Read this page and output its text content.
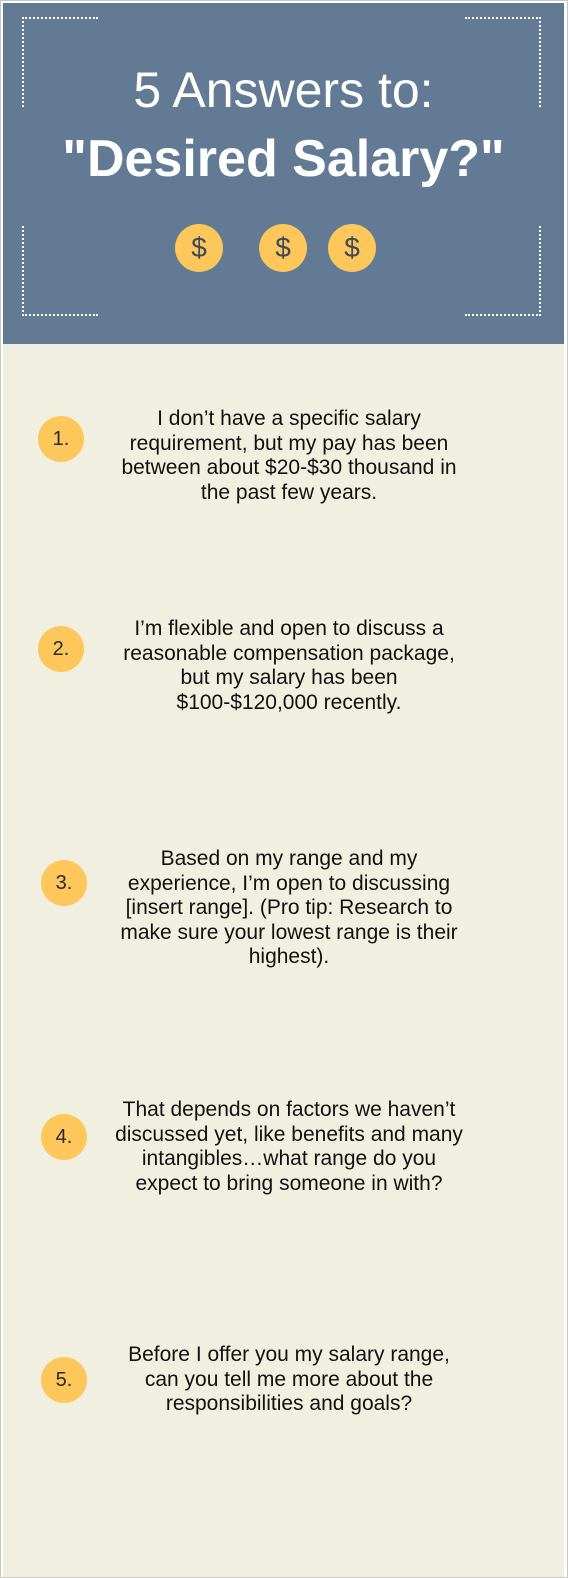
5 Answers to:
"Desired Salary?"
$	$	$
1.
I don’t have a specific salary requirement, but my pay has been between about $20-$30 thousand in the past few years.
2.
I’m flexible and open to discuss a reasonable compensation package, but my salary has been $100-$120,000 recently.
3.
Based on my range and my experience, I’m open to discussing [insert range]. (Pro tip: Research to make sure your lowest range is their highest).
4.
That depends on factors we haven’t discussed yet, like benefits and many intangibles…what range do you expect to bring someone in with?
5.
Before I offer you my salary range, can you tell me more about the responsibilities and goals?
